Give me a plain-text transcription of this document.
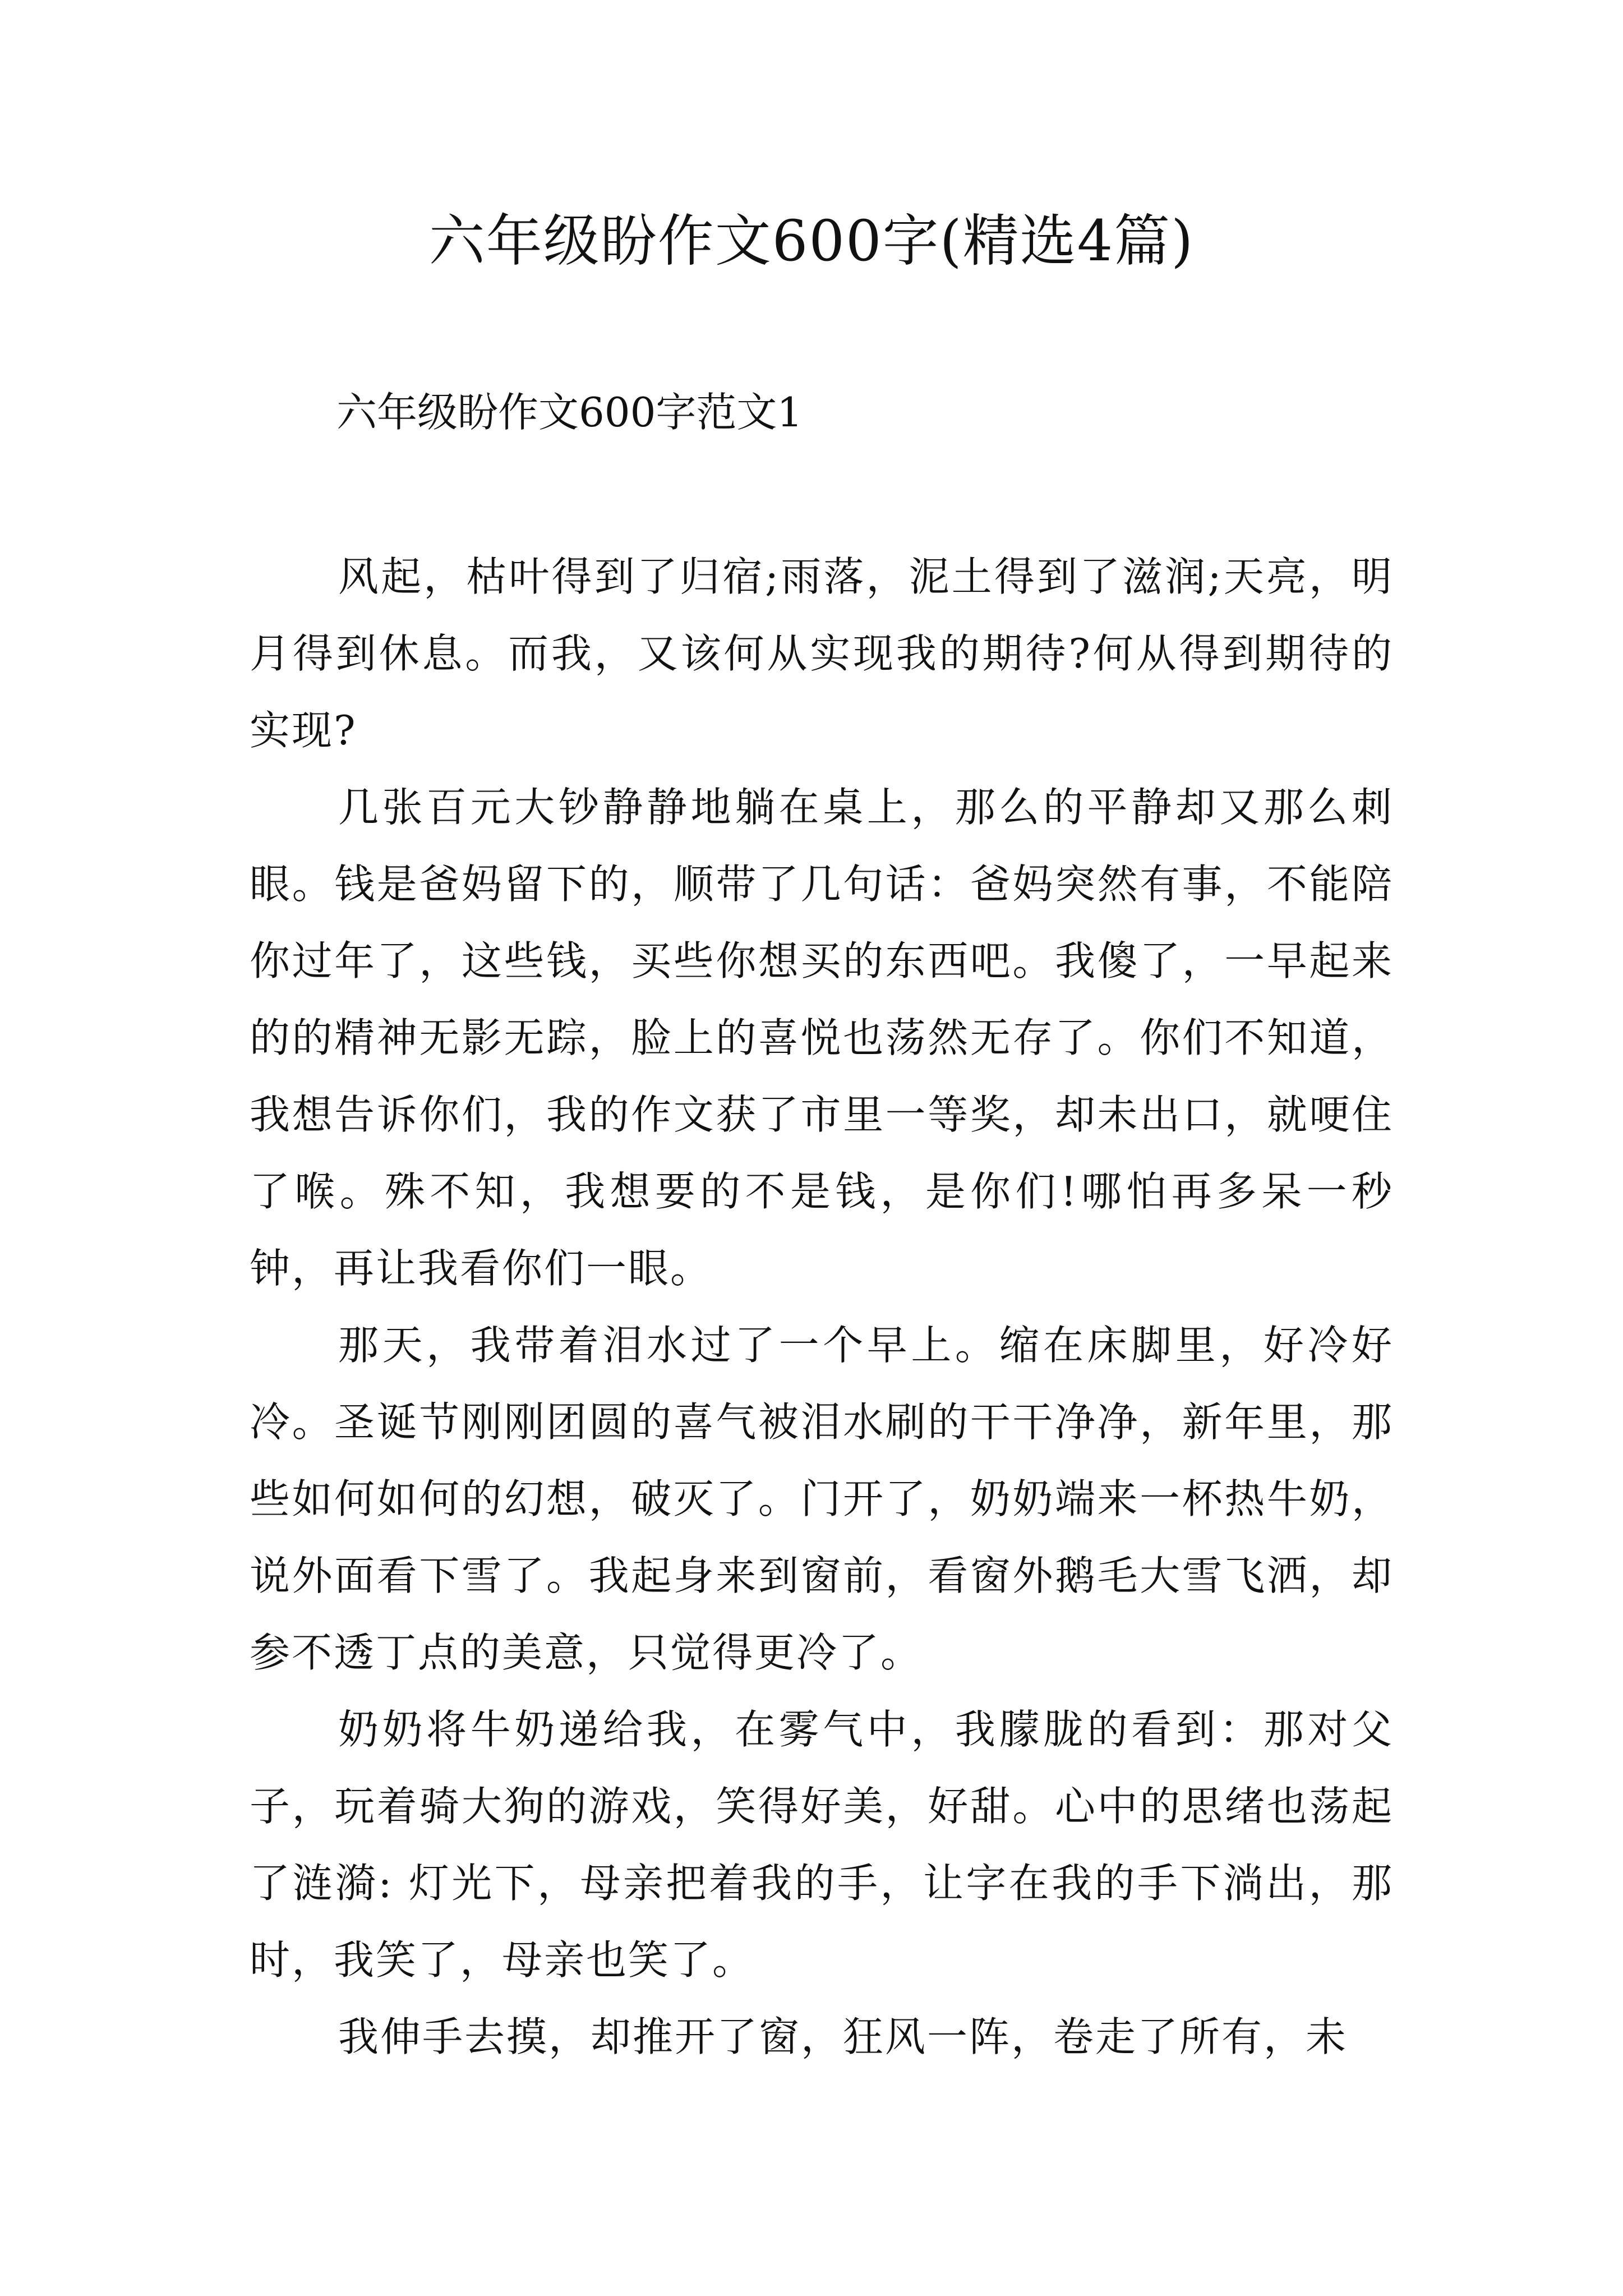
六年级盼作文600字(精选4篇)
六年级盼作文600字范文1

风起，枯叶得到了归宿;雨落，泥土得到了滋润;天亮，明月得到休息。而我，又该何从实现我的期待?何从得到期待的实现?

几张百元大钞静静地躺在桌上，那么的平静却又那么刺眼。钱是爸妈留下的，顺带了几句话：爸妈突然有事，不能陪你过年了，这些钱，买些你想买的东西吧。我傻了，一早起来的的精神无影无踪，脸上的喜悦也荡然无存了。你们不知道，我想告诉你们，我的作文获了市里一等奖，却未出口，就哽住了喉。殊不知，我想要的不是钱，是你们!哪怕再多呆一秒钟，再让我看你们一眼。

那天，我带着泪水过了一个早上。缩在床脚里，好冷好冷。圣诞节刚刚团圆的喜气被泪水刷的干干净净，新年里，那些如何如何的幻想，破灭了。门开了，奶奶端来一杯热牛奶，说外面看下雪了。我起身来到窗前，看窗外鹅毛大雪飞洒，却参不透丁点的美意，只觉得更冷了。

奶奶将牛奶递给我，在雾气中，我朦胧的看到：那对父子，玩着骑大狗的游戏，笑得好美，好甜。心中的思绪也荡起了涟漪: 灯光下，母亲把着我的手，让字在我的手下淌出，那时，我笑了，母亲也笑了。

我伸手去摸，却推开了窗，狂风一阵，卷走了所有，未
